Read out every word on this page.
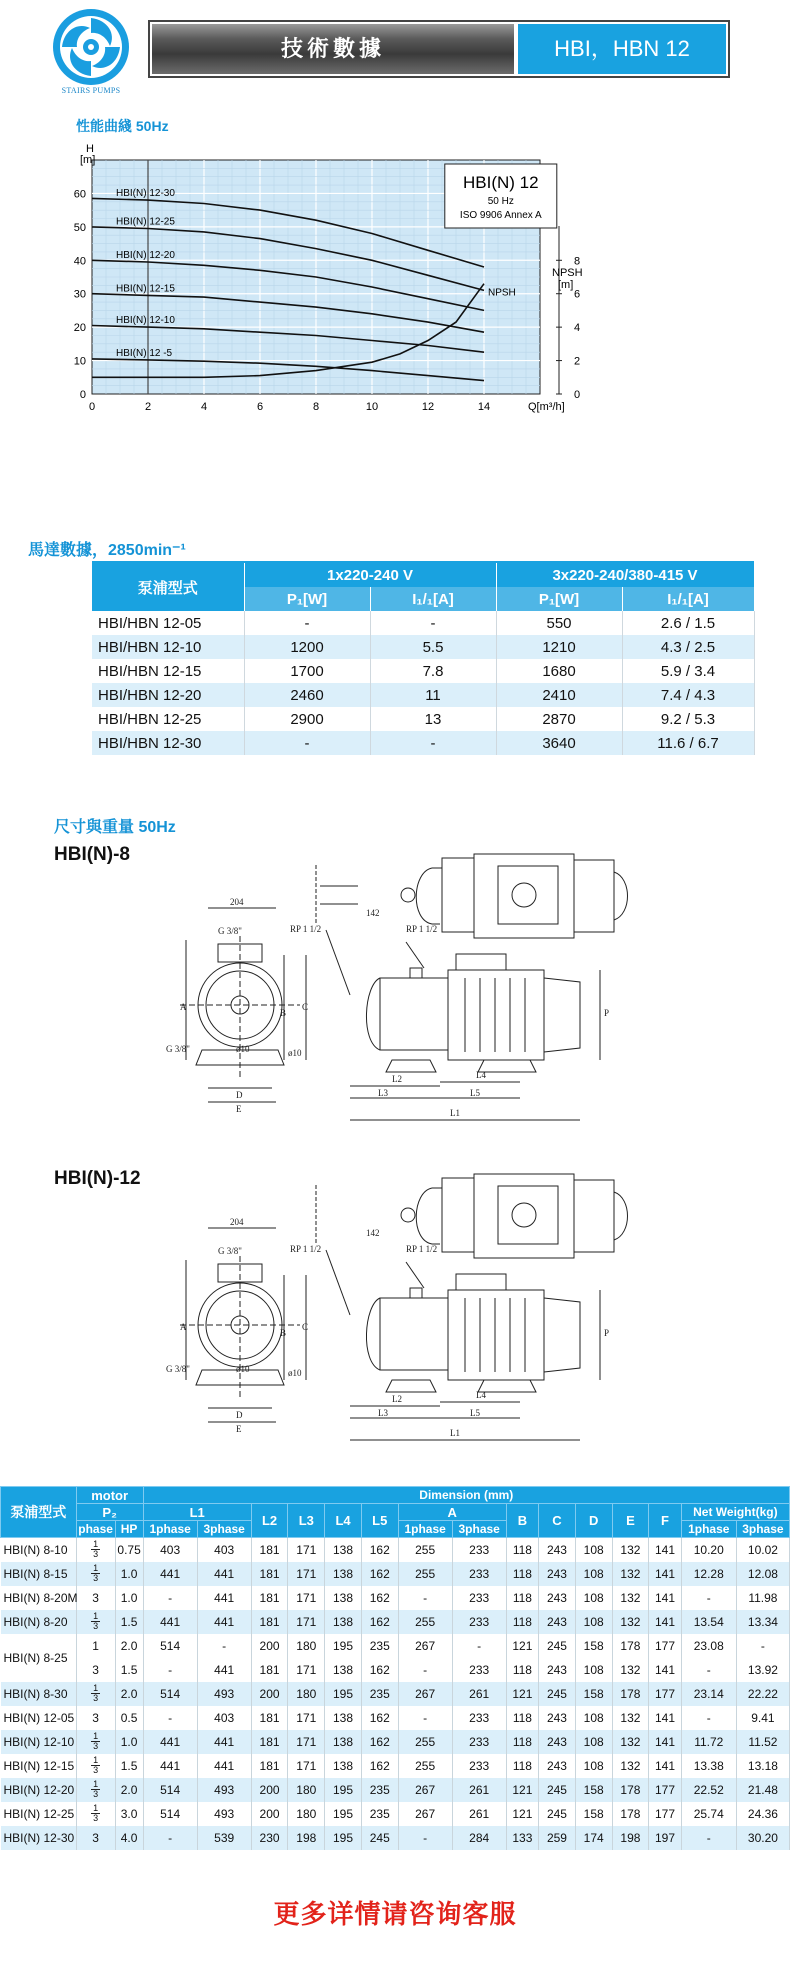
STAIRS PUMPS
技術數據	HBI，HBN 12
性能曲綫 50Hz
0	2	4	6	8	10	12	14
0
10
20
30
40
50
60
0
2
4
6
8
HBI(N) 12-30
HBI(N) 12-25
HBI(N) 12-20
HBI(N) 12-15
HBI(N) 12-10
HBI(N) 12 -5
NPSH
H
[m]
NPSH
[m]
Q[m³/h]
HBI(N) 12
50 Hz
ISO 9906 Annex A
馬達數據，2850min⁻¹
泵浦型式	1x220-240 V		3x220-240/380-415 V	
	P₁[W]	I₁/₁[A]	P₁[W]	I₁/₁[A]
HBI/HBN 12-05	-	-	550	2.6 / 1.5
HBI/HBN 12-10	1200	5.5	1210	4.3 / 2.5
HBI/HBN 12-15	1700	7.8	1680	5.9 / 3.4
HBI/HBN 12-20	2460	11	2410	7.4 / 4.3
HBI/HBN 12-25	2900	13	2870	9.2 / 5.3
HBI/HBN 12-30	-	-	3640	11.6 / 6.7
尺寸與重量 50Hz
HBI(N)-8
HBI(N)-12
204
G 3/8"
G 3/8"
RP 1 1/2	RP 1 1/2
ø10	ø10
142
A
B
C
D
E
P
L1
L2
L3
L4
L5
204
G 3/8"
G 3/8"
RP 1 1/2	RP 1 1/2
ø10	ø10
142
A
B
C
D
E
P
L1
L2
L3
L4
L5
泵浦型式	motor		Dimension (mm)														
	P₂		L1		L2	L3	L4	L5	A		B	C	D	E	F	Net Weight(kg)	
	phase	HP	1phase	3phase					1phase	3phase						1phase	3phase
HBI(N) 8-10	$\frac{1}{3}$	0.75	403	403	181	171	138	162	255	233	118	243	108	132	141	10.20	10.02
HBI(N) 8-15	$\frac{1}{3}$	1.0	441	441	181	171	138	162	255	233	118	243	108	132	141	12.28	12.08
HBI(N) 8-20M	3	1.0	-	441	181	171	138	162	-	233	118	243	108	132	141	-	11.98
HBI(N) 8-20	$\frac{1}{3}$	1.5	441	441	181	171	138	162	255	233	118	243	108	132	141	13.54	13.34
HBI(N) 8-25	1	2.0	514	-	200	180	195	235	267	-	121	245	158	178	177	23.08	-
	3	1.5	-	441	181	171	138	162	-	233	118	243	108	132	141	-	13.92
HBI(N) 8-30	$\frac{1}{3}$	2.0	514	493	200	180	195	235	267	261	121	245	158	178	177	23.14	22.22
HBI(N) 12-05	3	0.5	-	403	181	171	138	162	-	233	118	243	108	132	141	-	9.41
HBI(N) 12-10	$\frac{1}{3}$	1.0	441	441	181	171	138	162	255	233	118	243	108	132	141	11.72	11.52
HBI(N) 12-15	$\frac{1}{3}$	1.5	441	441	181	171	138	162	255	233	118	243	108	132	141	13.38	13.18
HBI(N) 12-20	$\frac{1}{3}$	2.0	514	493	200	180	195	235	267	261	121	245	158	178	177	22.52	21.48
HBI(N) 12-25	$\frac{1}{3}$	3.0	514	493	200	180	195	235	267	261	121	245	158	178	177	25.74	24.36
HBI(N) 12-30	3	4.0	-	539	230	198	195	245	-	284	133	259	174	198	197	-	30.20
更多详情请咨询客服
